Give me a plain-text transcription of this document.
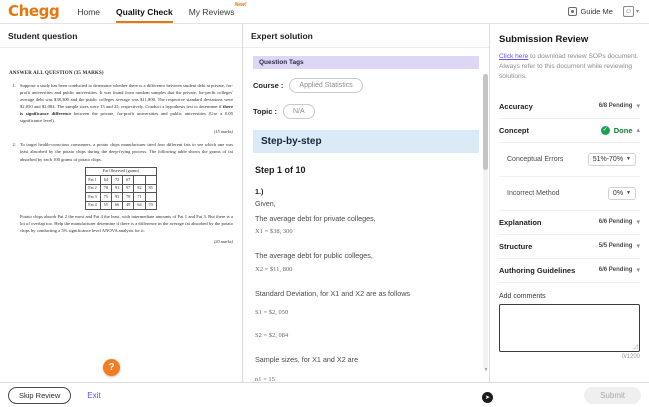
Chegg Home Quality Check My Reviews
New!
Guide Me ☺ ▾
Student question
ANSWER ALL QUESTION (35 MARKS)
1. Suppose a study has been conducted to determine whether there is a difference between student debt at private, for-profit universities and public universities. It was found from random samples that the private, for-profit colleges' average debt was $38,300 and the public colleges average was $11,800. The respective standard deviations were $2,050 and $2,084. The sample sizes were 15 and 25, respectively. Conduct a hypothesis test to determine if there is significance difference between the private, for-profit universities and public universities (Use a 0.05 significance level).
(15 marks)
2. To target health-conscious consumers, a potato chips manufacturer tried four different fats to see which one was least absorbed by the potato chips during the deep-frying process. The following table shows the grams of fat absorbed by each 100 grams of potato chips.
Fat Observed (grams)					
Fat 1	64	72	67		
Fat 2	78	91	97	82	85
Fat 3	75	93	78	71	
Fat 4	55	66	49	64	70
Potato chips absorb Fat 2 the most and Fat 4 the least, with intermediate amounts of Fat 1 and Fat 3. But there is a lot of overlap too. Help the manufacturer determine if there is a difference in the average fat absorbed by the potato chips by conducting a 5% significance level ANOVA analysis for it.
(20 marks)
Expert solution
Question Tags
Course :	Applied Statistics
Topic :	N/A
Step-by-step
Step 1 of 10
1.)
Given,
The average debt for private colleges,
X1 = $38, 300
The average debt for public colleges,
X2 = $11, 800
Standard Deviation, for X1 and X2 are as follows
S1 = $2, 050
S2 = $2, 084
Sample sizes, for X1 and X2 are
n1 = 15
▼
Submission Review
Click here to download review SOPs document. Always refer to this document while reviewing solutions.
Accuracy	6/8 Pending ▾
Concept	✓ Done ▴
Conceptual Errors	51%-70% ▼
Incorrect Method	0% ▼
Explanation	6/6 Pending ▾
Structure	5/5 Pending ▾
Authoring Guidelines	6/6 Pending ▾
Add comments
◿
0/1200
?
➤
Skip Review	Exit	Submit
